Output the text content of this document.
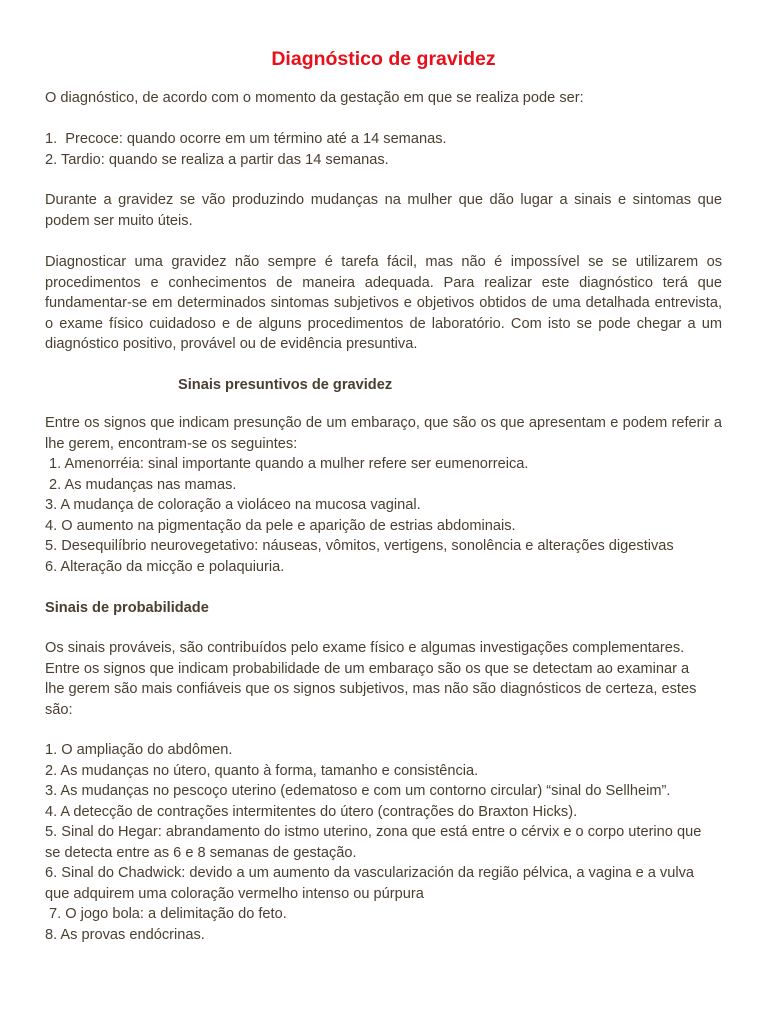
Diagnóstico de gravidez

O diagnóstico, de acordo com o momento da gestação em que se realiza pode ser:

1.  Precoce: quando ocorre em um término até a 14 semanas.
2. Tardio: quando se realiza a partir das 14 semanas.

Durante a gravidez se vão produzindo mudanças na mulher que dão lugar a sinais e sintomas que podem ser muito úteis.

Diagnosticar uma gravidez não sempre é tarefa fácil, mas não é impossível se se utilizarem os procedimentos e conhecimentos de maneira adequada. Para realizar este diagnóstico terá que fundamentar-se em determinados sintomas subjetivos e objetivos obtidos de uma detalhada entrevista, o exame físico cuidadoso e de alguns procedimentos de laboratório. Com isto se pode chegar a um diagnóstico positivo, provável ou de evidência presuntiva.

Sinais presuntivos de gravidez

Entre os signos que indicam presunção de um embaraço, que são os que apresentam e podem referir a lhe gerem, encontram-se os seguintes:

1. Amenorréia: sinal importante quando a mulher refere ser eumenorreica.
2. As mudanças nas mamas.
3. A mudança de coloração a violáceo na mucosa vaginal.
4. O aumento na pigmentação da pele e aparição de estrias abdominais.
5. Desequilíbrio neurovegetativo: náuseas, vômitos, vertigens, sonolência e alterações digestivas
6. Alteração da micção e polaquiuria.
Sinais de probabilidade
Os sinais prováveis, são contribuídos pelo exame físico e algumas investigações complementares.
Entre os signos que indicam probabilidade de um embaraço são os que se detectam ao examinar a
lhe gerem são mais confiáveis que os signos subjetivos, mas não são diagnósticos de certeza, estes
são:
1. O ampliação do abdômen.
2. As mudanças no útero, quanto à forma, tamanho e consistência.
3. As mudanças no pescoço uterino (edematoso e com um contorno circular) “sinal do Sellheim”.
4. A detecção de contrações intermitentes do útero (contrações do Braxton Hicks).
5. Sinal do Hegar: abrandamento do istmo uterino, zona que está entre o cérvix e o corpo uterino que
se detecta entre as 6 e 8 semanas de gestação.
6. Sinal do Chadwick: devido a um aumento da vascularización da região pélvica, a vagina e a vulva
que adquirem uma coloração vermelho intenso ou púrpura
7. O jogo bola: a delimitação do feto.
8. As provas endócrinas.
